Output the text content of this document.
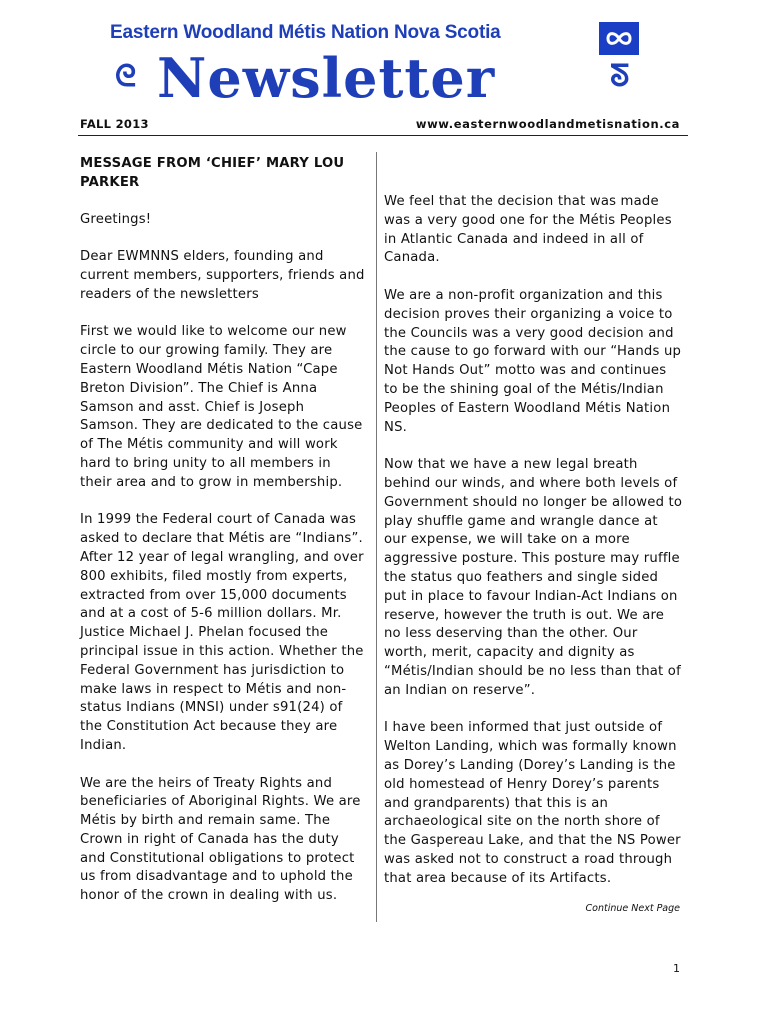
Eastern Woodland Métis Nation Nova Scotia
ᘓ Newsletter	ᘕ
FALL 2013	www.easternwoodlandmetisnation.ca

MESSAGE FROM ‘CHIEF’ MARY LOU PARKER

Greetings!

Dear EWMNNS elders, founding and current members, supporters, friends and readers of the newsletters

First we would like to welcome our new circle to our growing family. They are Eastern Woodland Métis Nation “Cape Breton Division”. The Chief is Anna Samson and asst. Chief is Joseph Samson. They are dedicated to the cause of The Métis community and will work hard to bring unity to all members in their area and to grow in membership.

In 1999 the Federal court of Canada was asked to declare that Métis are “Indians”. After 12 year of legal wrangling, and over 800 exhibits, filed mostly from experts, extracted from over 15,000 documents and at a cost of 5-6 million dollars. Mr. Justice Michael J. Phelan focused the principal issue in this action. Whether the Federal Government has jurisdiction to make laws in respect to Métis and non-status Indians (MNSI) under s91(24) of the Constitution Act because they are Indian.

We are the heirs of Treaty Rights and beneficiaries of Aboriginal Rights. We are Métis by birth and remain same. The Crown in right of Canada has the duty and Constitutional obligations to protect us from disadvantage and to uphold the honor of the crown in dealing with us.

We feel that the decision that was made was a very good one for the Métis Peoples in Atlantic Canada and indeed in all of Canada.

We are a non-profit organization and this decision proves their organizing a voice to the Councils was a very good decision and the cause to go forward with our “Hands up Not Hands Out” motto was and continues to be the shining goal of the Métis/Indian Peoples of Eastern Woodland Métis Nation NS.

Now that we have a new legal breath behind our winds, and where both levels of Government should no longer be allowed to play shuffle game and wrangle dance at our expense, we will take on a more aggressive posture. This posture may ruffle the status quo feathers and single sided put in place to favour Indian-Act Indians on reserve, however the truth is out. We are no less deserving than the other. Our worth, merit, capacity and dignity as “Métis/Indian should be no less than that of an Indian on reserve”.

I have been informed that just outside of Welton Landing, which was formally known as Dorey’s Landing (Dorey’s Landing is the old homestead of Henry Dorey’s parents and grandparents) that this is an archaeological site on the north shore of the Gaspereau Lake, and that the NS Power was asked not to construct a road through that area because of its Artifacts.

Continue Next Page
1
